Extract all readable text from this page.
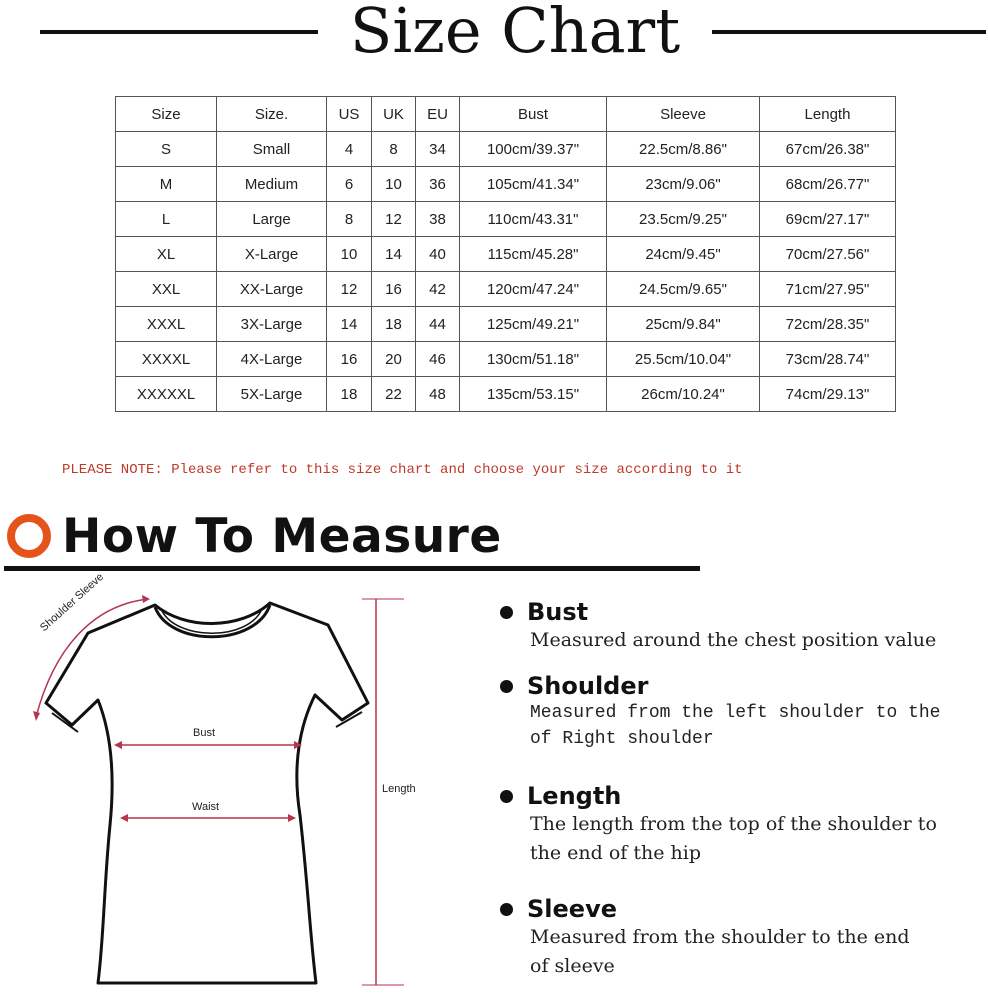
Size Chart
Size	Size.	US	UK	EU	Bust	Sleeve	Length
S	Small	4	8	34	100cm/39.37"	22.5cm/8.86"	67cm/26.38"
M	Medium	6	10	36	105cm/41.34"	23cm/9.06"	68cm/26.77"
L	Large	8	12	38	110cm/43.31"	23.5cm/9.25"	69cm/27.17"
XL	X-Large	10	14	40	115cm/45.28"	24cm/9.45"	70cm/27.56"
XXL	XX-Large	12	16	42	120cm/47.24"	24.5cm/9.65"	71cm/27.95"
XXXL	3X-Large	14	18	44	125cm/49.21"	25cm/9.84"	72cm/28.35"
XXXXL	4X-Large	16	20	46	130cm/51.18"	25.5cm/10.04"	73cm/28.74"
XXXXXL	5X-Large	18	22	48	135cm/53.15"	26cm/10.24"	74cm/29.13"
PLEASE NOTE: Please refer to this size chart and choose your size according to it
How To Measure
Shoulder Sleeve
Bust
Waist
Length
Bust
Measured around the chest position value
Shoulder
Measured from the left shoulder to the
of Right shoulder
Length
The length from the top of the shoulder to
the end of the hip
Sleeve
Measured from the shoulder to the end
of sleeve
